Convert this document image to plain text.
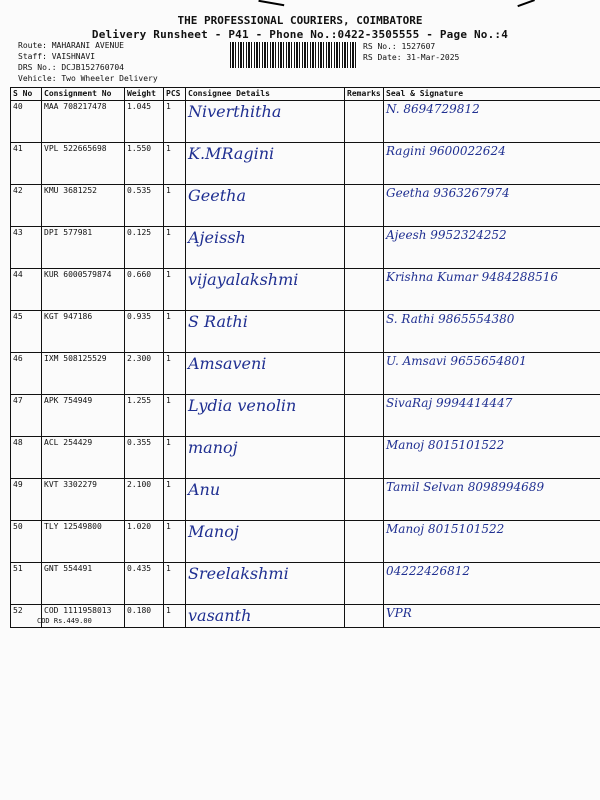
THE PROFESSIONAL COURIERS, COIMBATORE
Delivery Runsheet - P41 - Phone No.:0422-3505555 - Page No.:4
Route: MAHARANI AVENUE
Staff: VAISHNAVI
DRS No.: DCJB152760704
Vehicle: Two Wheeler Delivery
RS No.: 1527607
RS Date: 31-Mar-2025
S No	Consignment No	Weight	PCS	Consignee Details	Remarks	Seal & Signature
40	MAA 708217478	1.045	1	Niverthitha		N. 8694729812
41	VPL 522665698	1.550	1	K.MRagini		Ragini 9600022624
42	KMU 3681252	0.535	1	Geetha		Geetha 9363267974
43	DPI 577981	0.125	1	Ajeissh		Ajeesh 9952324252
44	KUR 6000579874	0.660	1	vijayalakshmi		Krishna Kumar 9484288516
45	KGT 947186	0.935	1	S Rathi		S. Rathi 9865554380
46	IXM 508125529	2.300	1	Amsaveni		U. Amsavi 9655654801
47	APK 754949	1.255	1	Lydia venolin		SivaRaj 9994414447
48	ACL 254429	0.355	1	manoj		Manoj 8015101522
49	KVT 3302279	2.100	1	Anu		Tamil Selvan 8098994689
50	TLY 12549800	1.020	1	Manoj		Manoj 8015101522
51	GNT 554491	0.435	1	Sreelakshmi		04222426812
52	COD 1111958013	0.180	1	vasanth		VPR
COD Rs.449.00
